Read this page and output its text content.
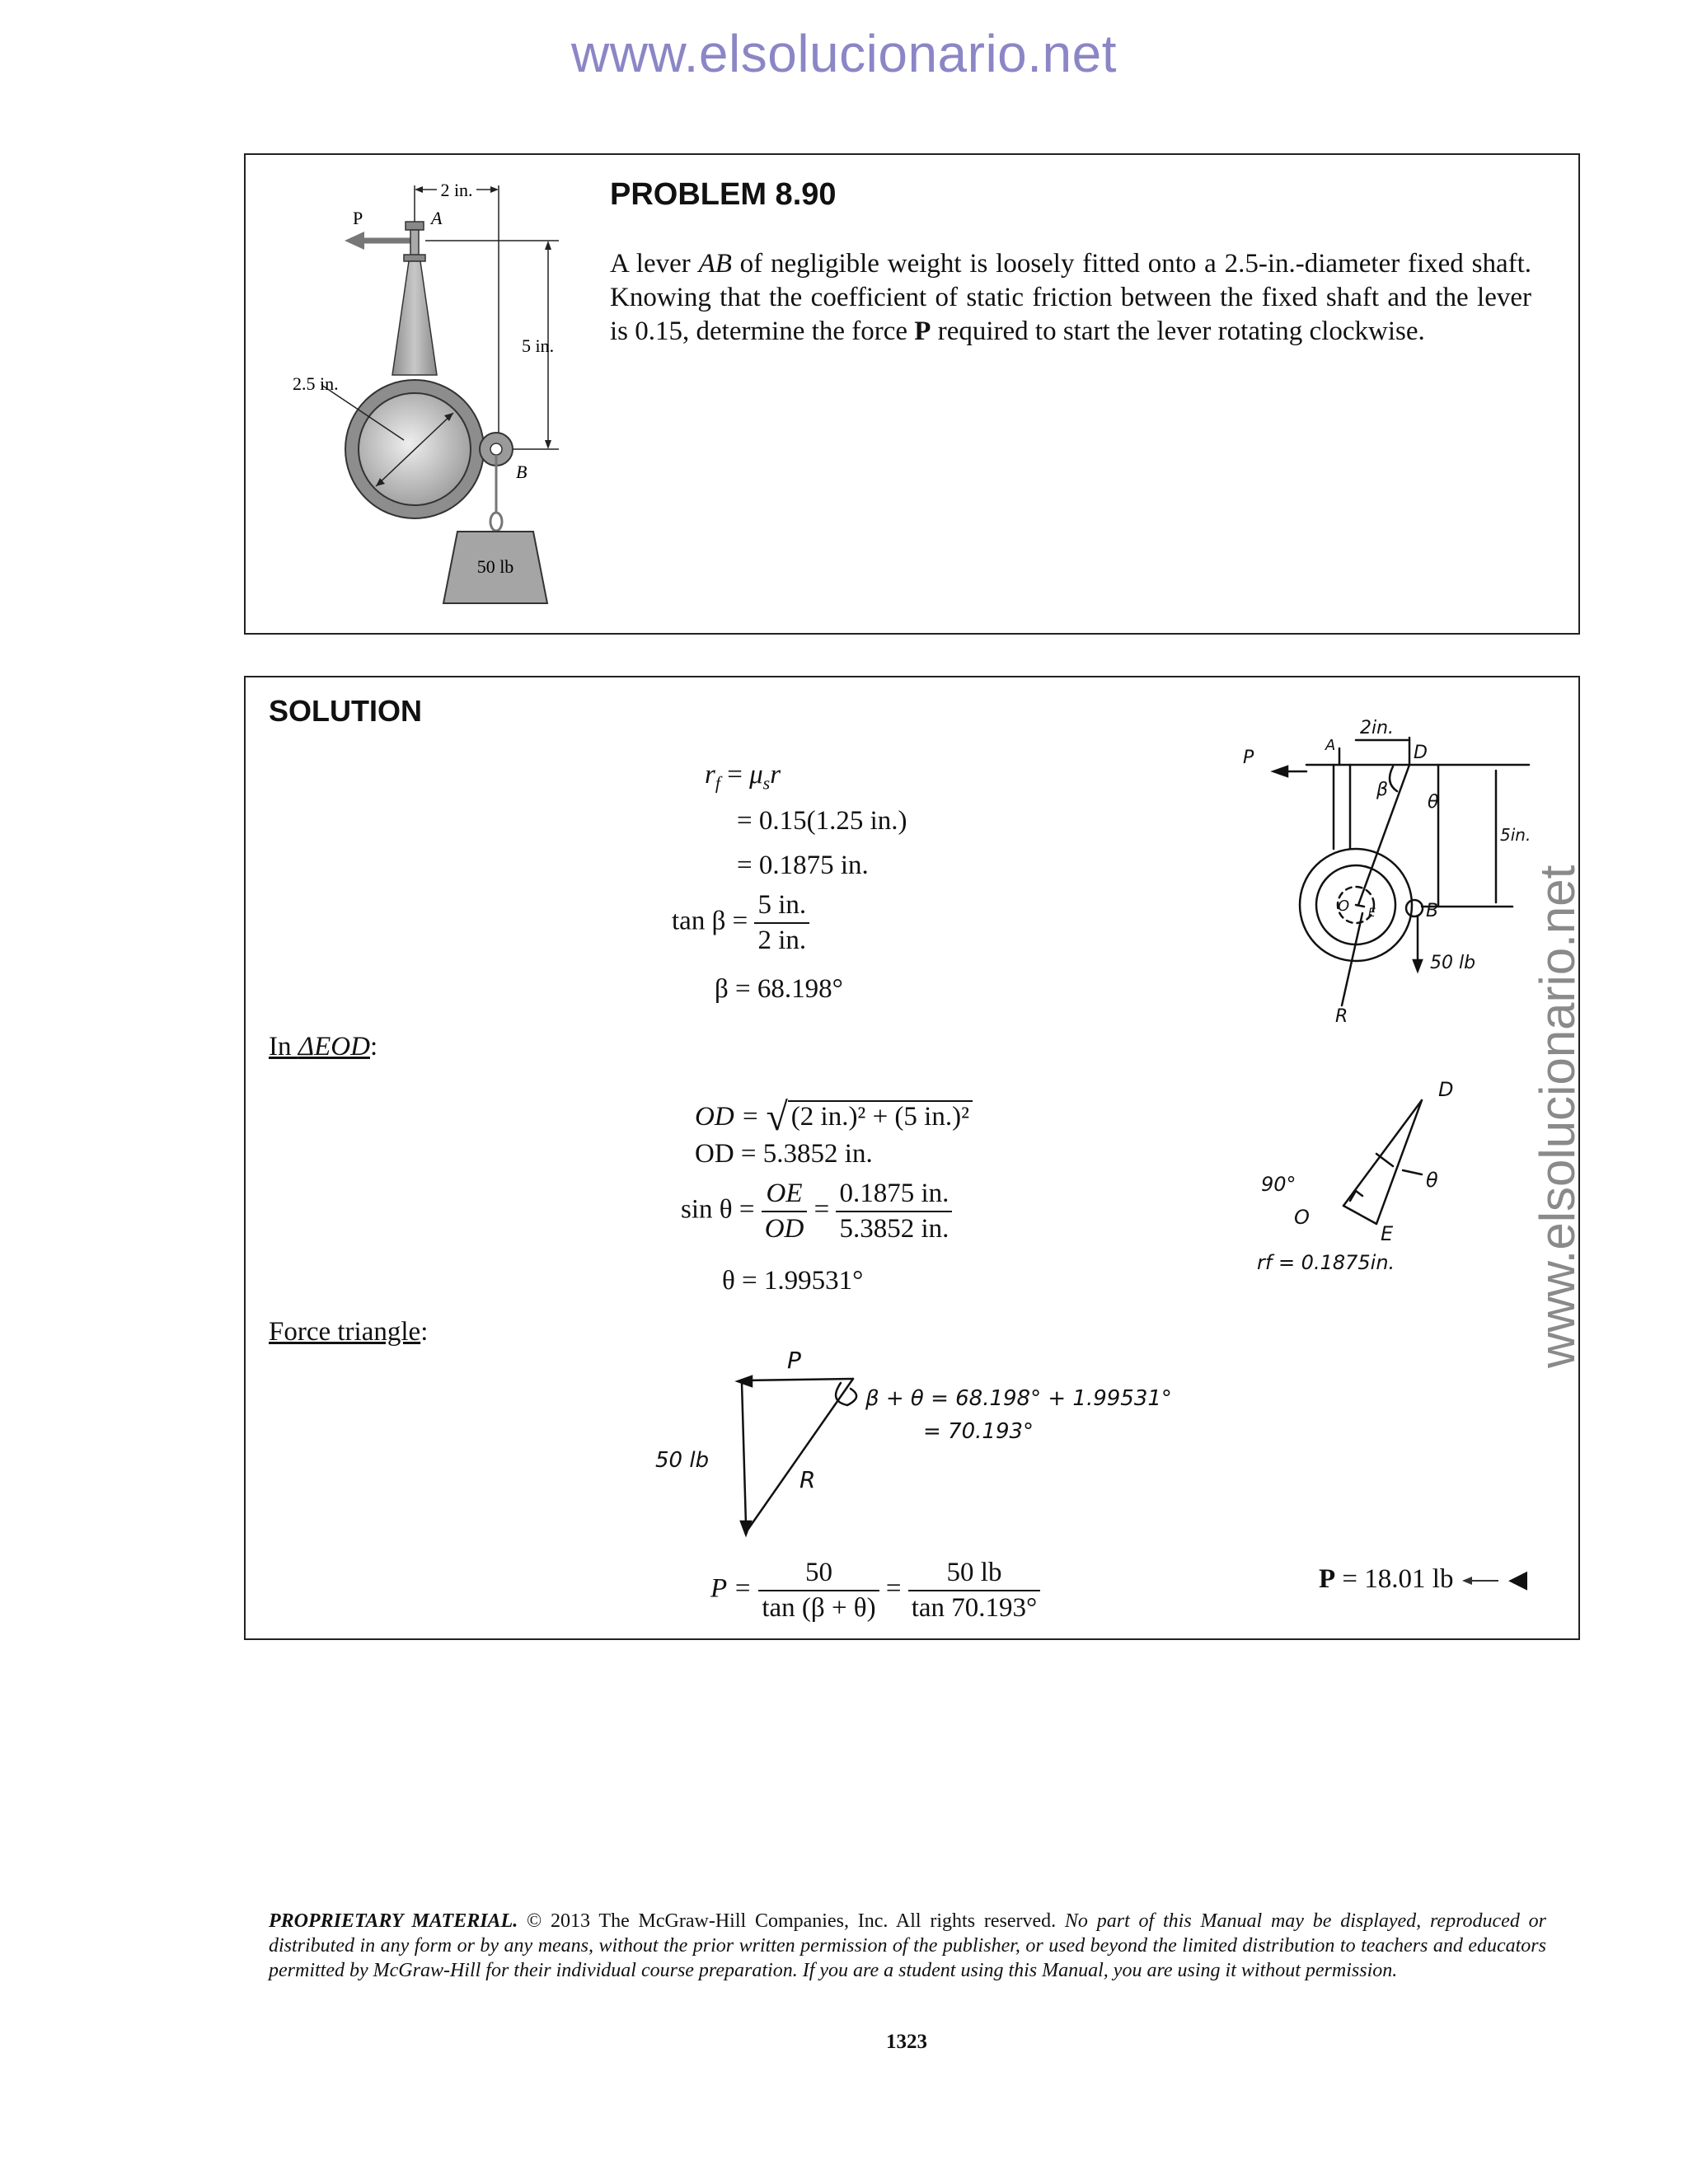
www.elsolucionario.net
www.elsolucionario.net
2 in.
P	A
5 in.
B
2.5 in.
50 lb
PROBLEM 8.90
A lever AB of negligible weight is loosely fitted onto a 2.5-in.-diameter fixed shaft. Knowing that the coefficient of static friction between the fixed shaft and the lever is 0.15, determine the force P required to start the lever rotating clockwise.
SOLUTION
$r_f = \mu_sr$
= 0.15(1.25 in.)
= 0.1875 in.
$\tan \beta = \frac{5 in.}{2 in.}$
β = 68.198°
In ΔEOD:
OD = √ (2 in.)² + (5 in.)²
OD = 5.3852 in.
$\sin \theta = \frac{OE}{OD} = \frac{0.1875 in.}{5.3852 in.}$
θ = 1.99531°
Force triangle:
$P = \frac{50}{\tan (\beta + \theta)} = \frac{50 lb}{\tan 70.193^\circ}$	P = 18.01 lb ◀
P
A	D
2in.
β
θ
5in.
O E	B
50 lb
R
D
θ
90°
O
E
rf = 0.1875in.
P
50 lb
R
β + θ = 68.198° + 1.99531°
= 70.193°
PROPRIETARY MATERIAL. © 2013 The McGraw-Hill Companies, Inc. All rights reserved. No part of this Manual may be displayed, reproduced or distributed in any form or by any means, without the prior written permission of the publisher, or used beyond the limited distribution to teachers and educators permitted by McGraw-Hill for their individual course preparation. If you are a student using this Manual, you are using it without permission.
1323
